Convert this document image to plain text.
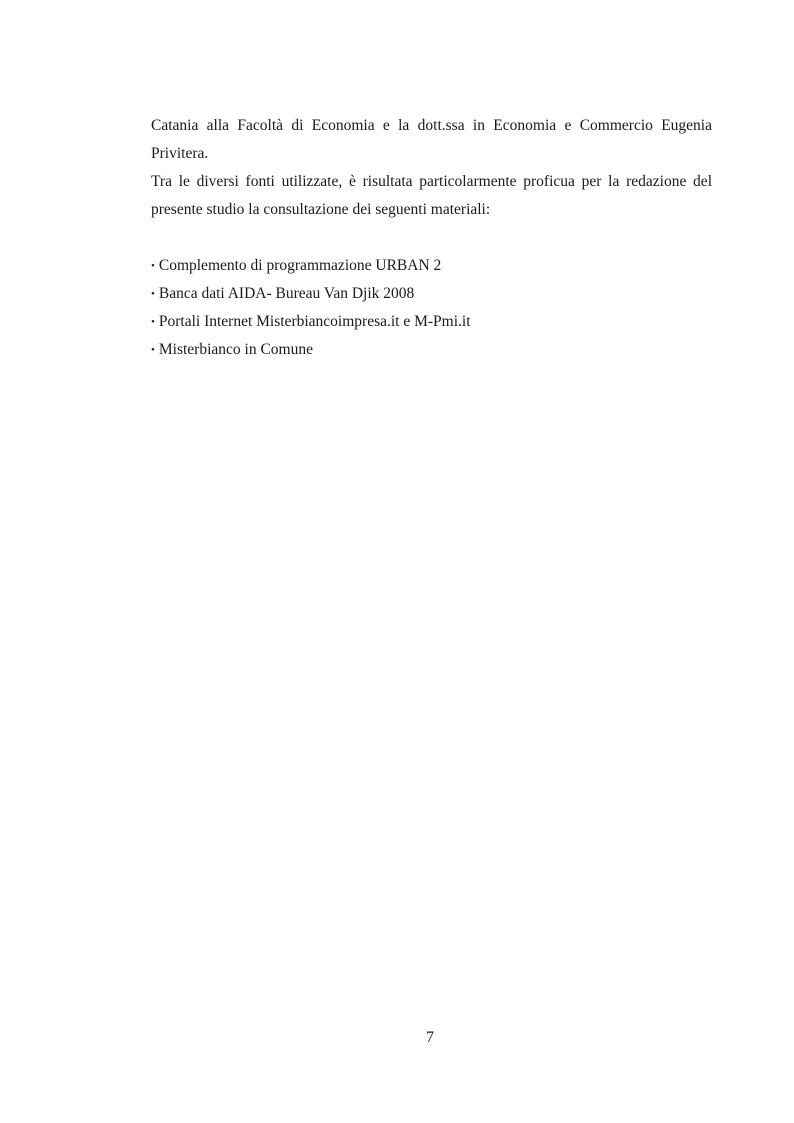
Catania alla Facoltà di Economia e la dott.ssa in Economia e Commercio Eugenia Privitera.

Tra le diversi fonti utilizzate, è risultata particolarmente proficua per la redazione del presente studio la consultazione dei seguenti materiali:

• Complemento di programmazione URBAN 2
• Banca dati AIDA- Bureau Van Djik 2008
• Portali Internet Misterbiancoimpresa.it e M-Pmi.it
• Misterbianco in Comune
7
